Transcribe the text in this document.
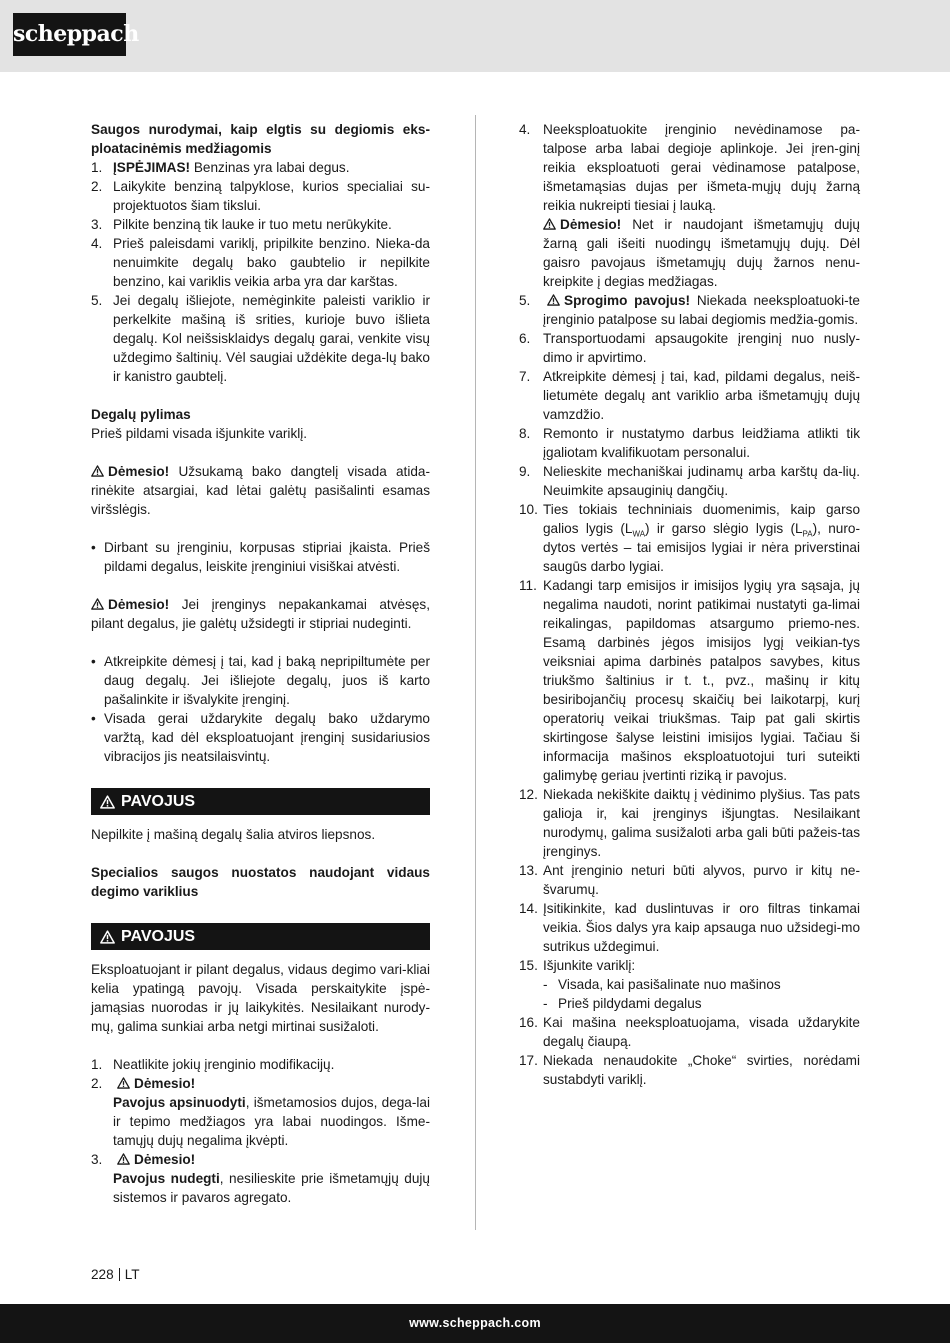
scheppach

Saugos nurodymai, kaip elgtis su degiomis eks-ploatacinėmis medžiagomis

1. ĮSPĖJIMAS! Benzinas yra labai degus.
2. Laikykite benziną talpyklose, kurios specialiai su-projektuotos šiam tikslui.
3. Pilkite benziną tik lauke ir tuo metu nerūkykite.
4. Prieš paleisdami variklį, pripilkite benzino. Nieka-da nenuimkite degalų bako gaubtelio ir nepilkite benzino, kai variklis veikia arba yra dar karštas.
5. Jei degalų išliejote, nemėginkite paleisti variklio ir perkelkite mašiną iš srities, kurioje buvo išlieta degalų. Kol neišsisklaidys degalų garai, venkite visų uždegimo šaltinių. Vėl saugiai uždėkite dega-lų bako ir kanistro gaubtelį.

Degalų pylimas

Prieš pildami visada išjunkite variklį.

Dėmesio! Užsukamą bako dangtelį visada atida-rinėkite atsargiai, kad lėtai galėtų pasišalinti esamas viršslėgis.

• Dirbant su įrenginiu, korpusas stipriai įkaista. Prieš pildami degalus, leiskite įrenginiui visiškai atvėsti.

Dėmesio! Jei įrenginys nepakankamai atvėsęs, pilant degalus, jie galėtų užsidegti ir stipriai nudeginti.

• Atkreipkite dėmesį į tai, kad į baką nepripiltumėte per daug degalų. Jei išliejote degalų, juos iš karto pašalinkite ir išvalykite įrenginį.
• Visada gerai uždarykite degalų bako uždarymo varžtą, kad dėl eksploatuojant įrenginį susidariusios vibracijos jis neatsilaisvintų.
PAVOJUS

Nepilkite į mašiną degalų šalia atviros liepsnos.

Specialios saugos nuostatos naudojant vidaus degimo variklius

PAVOJUS

Eksploatuojant ir pilant degalus, vidaus degimo vari-kliai kelia ypatingą pavojų. Visada perskaitykite įspė-jamąsias nuorodas ir jų laikykitės. Nesilaikant nurody-mų, galima sunkiai arba netgi mirtinai susižaloti.

1. Neatlikite jokių įrenginio modifikacijų.
2.	Dėmesio!
Pavojus apsinuodyti, išmetamosios dujos, dega-lai ir tepimo medžiagos yra labai nuodingos. Išme-tamųjų dujų negalima įkvėpti.
3.	Dėmesio!
Pavojus nudegti, nesilieskite prie išmetamųjų dujų sistemos ir pavaros agregato.
4. Neeksploatuokite įrenginio nevėdinamose pa-talpose arba labai degioje aplinkoje. Jei įren-ginį reikia eksploatuoti gerai vėdinamose patalpose, išmetamąsias dujas per išmeta-mųjų dujų žarną reikia nukreipti tiesiai į lauką.
Dėmesio! Net ir naudojant išmetamųjų dujų žarną gali išeiti nuodingų išmetamųjų dujų. Dėl gaisro pavojaus išmetamųjų dujų žarnos nenu-kreipkite į degias medžiagas.
5.	Sprogimo pavojus! Niekada neeksploatuoki-te įrenginio patalpose su labai degiomis medžia-gomis.
6. Transportuodami apsaugokite įrenginį nuo nusly-dimo ir apvirtimo.
7. Atkreipkite dėmesį į tai, kad, pildami degalus, neiš-lietumėte degalų ant variklio arba išmetamųjų dujų vamzdžio.
8. Remonto ir nustatymo darbus leidžiama atlikti tik įgaliotam kvalifikuotam personalui.
9. Nelieskite mechaniškai judinamų arba karštų da-lių. Neuimkite apsauginių dangčių.
10. Ties tokiais techniniais duomenimis, kaip garso galios lygis $(L_{WA})$ ir garso slėgio lygis $(L_{PA})$, nuro-dytos vertės – tai emisijos lygiai ir nėra priverstinai saugūs darbo lygiai.
11. Kadangi tarp emisijos ir imisijos lygių yra sąsaja, jų negalima naudoti, norint patikimai nustatyti ga-limai reikalingas, papildomas atsargumo priemo-nes. Esamą darbinės jėgos imisijos lygį veikian-tys veiksniai apima darbinės patalpos savybes, kitus triukšmo šaltinius ir t. t., pvz., mašinų ir kitų besiribojančių procesų skaičių bei laikotarpį, kurį operatorių veikai triukšmas. Taip pat gali skirtis skirtingose šalyse leistini imisijos lygiai. Tačiau ši informacija mašinos eksploatuotojui turi suteikti galimybę geriau įvertinti riziką ir pavojus.
12. Niekada nekiškite daiktų į vėdinimo plyšius. Tas pats galioja ir, kai įrenginys išjungtas. Nesilaikant nurodymų, galima susižaloti arba gali būti pažeis-tas įrenginys.
13. Ant įrenginio neturi būti alyvos, purvo ir kitų ne-švarumų.
14. Įsitikinkite, kad duslintuvas ir oro filtras tinkamai veikia. Šios dalys yra kaip apsauga nuo užsidegi-mo sutrikus uždegimui.
15. Išjunkite variklį:
- Visada, kai pasišalinate nuo mašinos
- Prieš pildydami degalus
16. Kai mašina neeksploatuojama, visada uždarykite degalų čiaupą.
17. Niekada nenaudokite „Choke“ svirties, norėdami sustabdyti variklį.
228 LT
www.scheppach.com
